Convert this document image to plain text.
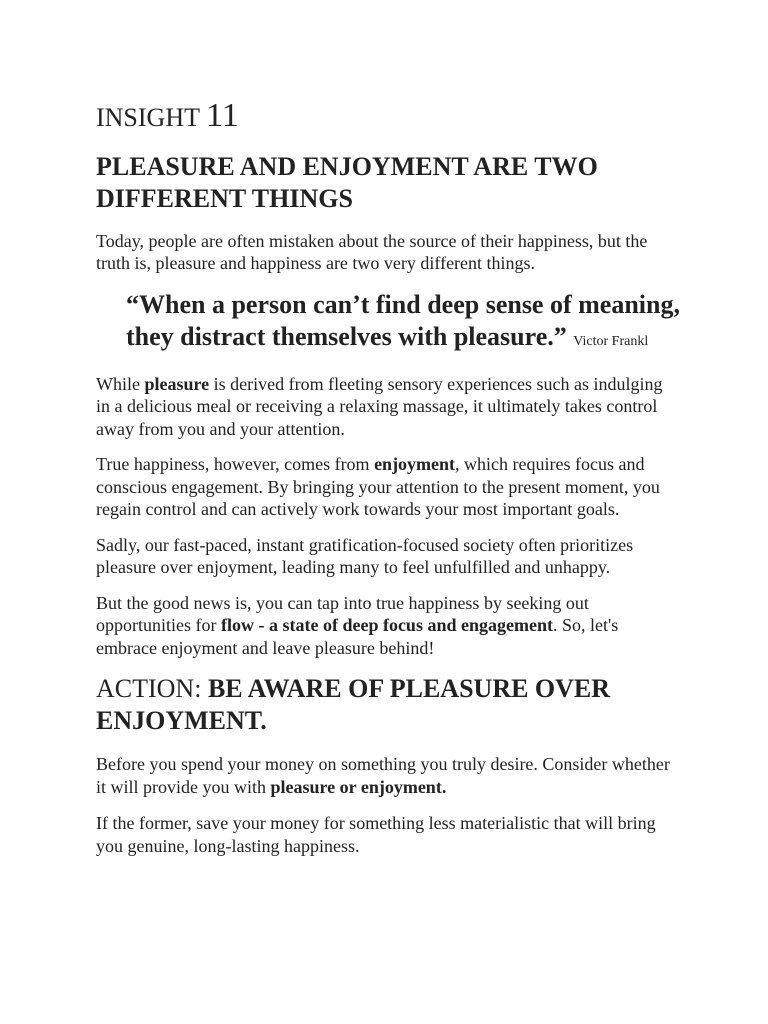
INSIGHT 11
PLEASURE AND ENJOYMENT ARE TWO DIFFERENT THINGS

Today, people are often mistaken about the source of their happiness, but the truth is, pleasure and happiness are two very different things.

“When a person can’t find deep sense of meaning, they distract themselves with pleasure.” Victor Frankl

While pleasure is derived from fleeting sensory experiences such as indulging in a delicious meal or receiving a relaxing massage, it ultimately takes control away from you and your attention.

True happiness, however, comes from enjoyment, which requires focus and conscious engagement. By bringing your attention to the present moment, you regain control and can actively work towards your most important goals.

Sadly, our fast-paced, instant gratification-focused society often prioritizes pleasure over enjoyment, leading many to feel unfulfilled and unhappy.

But the good news is, you can tap into true happiness by seeking out opportunities for flow - a state of deep focus and engagement. So, let's embrace enjoyment and leave pleasure behind!

ACTION: BE AWARE OF PLEASURE OVER ENJOYMENT.

Before you spend your money on something you truly desire. Consider whether it will provide you with pleasure or enjoyment.

If the former, save your money for something less materialistic that will bring you genuine, long-lasting happiness.
